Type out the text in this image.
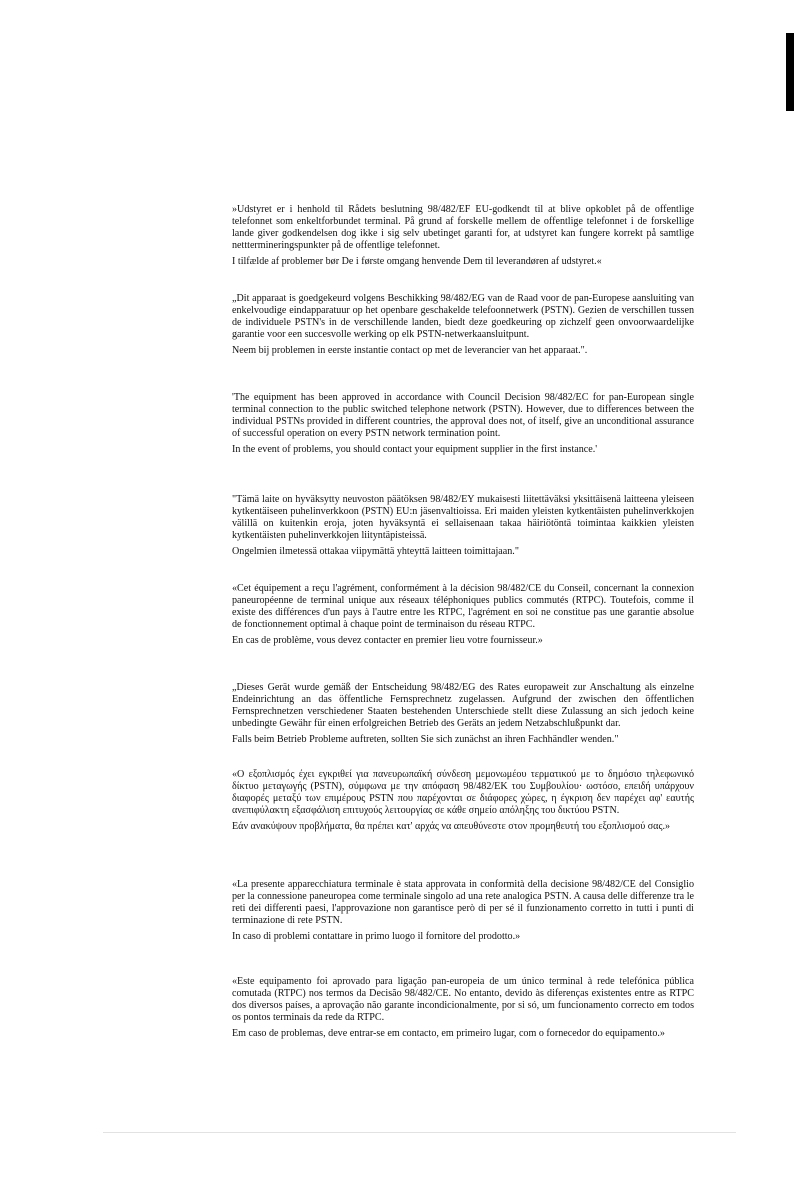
»Udstyret er i henhold til Rådets beslutning 98/482/EF EU-godkendt til at blive opkoblet på de offentlige telefonnet som enkeltforbundet terminal. På grund af forskelle mellem de offentlige telefonnet i de forskellige lande giver godkendelsen dog ikke i sig selv ubetinget garanti for, at udstyret kan fungere korrekt på samtlige netttermineringspunkter på de offentlige telefonnet.

I tilfælde af problemer bør De i første omgang henvende Dem til leverandøren af udstyret.«

„Dit apparaat is goedgekeurd volgens Beschikking 98/482/EG van de Raad voor de pan-Europese aansluiting van enkelvoudige eindapparatuur op het openbare geschakelde telefoonnetwerk (PSTN). Gezien de verschillen tussen de individuele PSTN's in de verschillende landen, biedt deze goedkeuring op zichzelf geen onvoorwaardelijke garantie voor een succesvolle werking op elk PSTN-netwerkaansluitpunt.

Neem bij problemen in eerste instantie contact op met de leverancier van het apparaat.".

'The equipment has been approved in accordance with Council Decision 98/482/EC for pan-European single terminal connection to the public switched telephone network (PSTN). However, due to differences between the individual PSTNs provided in different countries, the approval does not, of itself, give an unconditional assurance of successful operation on every PSTN network termination point.

In the event of problems, you should contact your equipment supplier in the first instance.'

"Tämä laite on hyväksytty neuvoston päätöksen 98/482/EY mukaisesti liitettäväksi yksittäisenä laitteena yleiseen kytkentäiseen puhelinverkkoon (PSTN) EU:n jäsenvaltioissa. Eri maiden yleisten kytkentäisten puhelinverkkojen välillä on kuitenkin eroja, joten hyväksyntä ei sellaisenaan takaa häiriötöntä toimintaa kaikkien yleisten kytkentäisten puhelinverkkojen liityntäpisteissä.

Ongelmien ilmetessä ottakaa viipymättä yhteyttä laitteen toimittajaan."

«Cet équipement a reçu l'agrément, conformément à la décision 98/482/CE du Conseil, concernant la connexion paneuropéenne de terminal unique aux réseaux téléphoniques publics commutés (RTPC). Toutefois, comme il existe des différences d'un pays à l'autre entre les RTPC, l'agrément en soi ne constitue pas une garantie absolue de fonctionnement optimal à chaque point de terminaison du réseau RTPC.

En cas de problème, vous devez contacter en premier lieu votre fournisseur.»

„Dieses Gerät wurde gemäß der Entscheidung 98/482/EG des Rates europaweit zur Anschaltung als einzelne Endeinrichtung an das öffentliche Fernsprechnetz zugelassen. Aufgrund der zwischen den öffentlichen Fernsprechnetzen verschiedener Staaten bestehenden Unterschiede stellt diese Zulassung an sich jedoch keine unbedingte Gewähr für einen erfolgreichen Betrieb des Geräts an jedem Netzabschlußpunkt dar.

Falls beim Betrieb Probleme auftreten, sollten Sie sich zunächst an ihren Fachhändler wenden."

«Ο εξοπλισμός έχει εγκριθεί για πανευρωπαϊκή σύνδεση μεμονωμέου τερματικού με το δημόσιο τηλεφωνικό δίκτυο μεταγωγής (PSTN), σύμφωνα με την απόφαση 98/482/ΕΚ του Συμβουλίου· ωστόσο, επειδή υπάρχουν διαφορές μεταξύ των επιμέρους PSTN που παρέχονται σε διάφορες χώρες, η έγκριση δεν παρέχει αφ' εαυτής ανεπιφύλακτη εξασφάλιση επιτυχούς λειτουργίας σε κάθε σημείο απόληξης του δικτύου PSTN.

Εάν ανακύψουν προβλήματα, θα πρέπει κατ' αρχάς να απευθύνεστε στον προμηθευτή του εξοπλισμού σας.»

«La presente apparecchiatura terminale è stata approvata in conformità della decisione 98/482/CE del Consiglio per la connessione paneuropea come terminale singolo ad una rete analogica PSTN. A causa delle differenze tra le reti dei differenti paesi, l'approvazione non garantisce però di per sé il funzionamento corretto in tutti i punti di terminazione di rete PSTN.

In caso di problemi contattare in primo luogo il fornitore del prodotto.»

«Este equipamento foi aprovado para ligação pan-europeia de um único terminal à rede telefónica pública comutada (RTPC) nos termos da Decisão 98/482/CE. No entanto, devido às diferenças existentes entre as RTPC dos diversos países, a aprovação não garante incondicionalmente, por si só, um funcionamento correcto em todos os pontos terminais da rede da RTPC.

Em caso de problemas, deve entrar-se em contacto, em primeiro lugar, com o fornecedor do equipamento.»
